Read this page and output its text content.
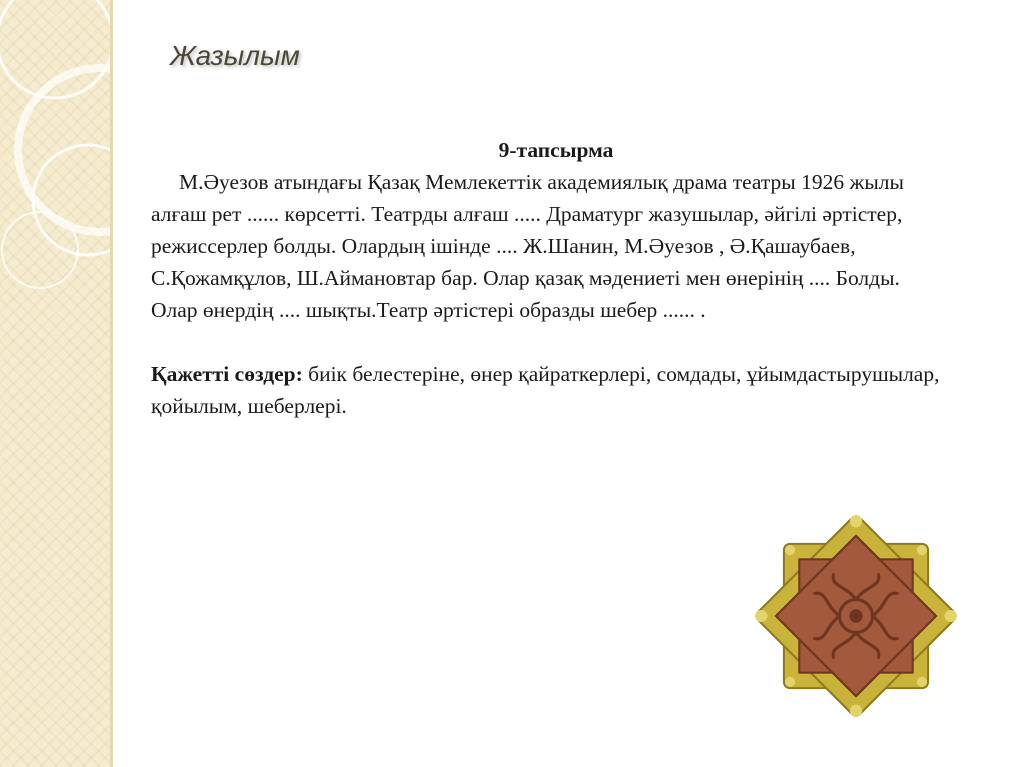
Жазылым
9-тапсырма
М.Әуезов атындағы Қазақ Мемлекеттік академиялық драма театры 1926 жылы алғаш рет ...... көрсетті. Театрды алғаш ..... Драматург жазушылар, әйгілі әртістер, режиссерлер болды. Олардың ішінде .... Ж.Шанин, М.Әуезов , Ә.Қашаубаев, С.Қожамқұлов, Ш.Аймановтар бар. Олар қазақ мәдениеті мен өнерінің .... Болды. Олар өнердің .... шықты.Театр әртістері образды шебер ...... .
Қажетті сөздер: биік белестеріне, өнер қайраткерлері, сомдады, ұйымдастырушылар, қойылым, шеберлері.
